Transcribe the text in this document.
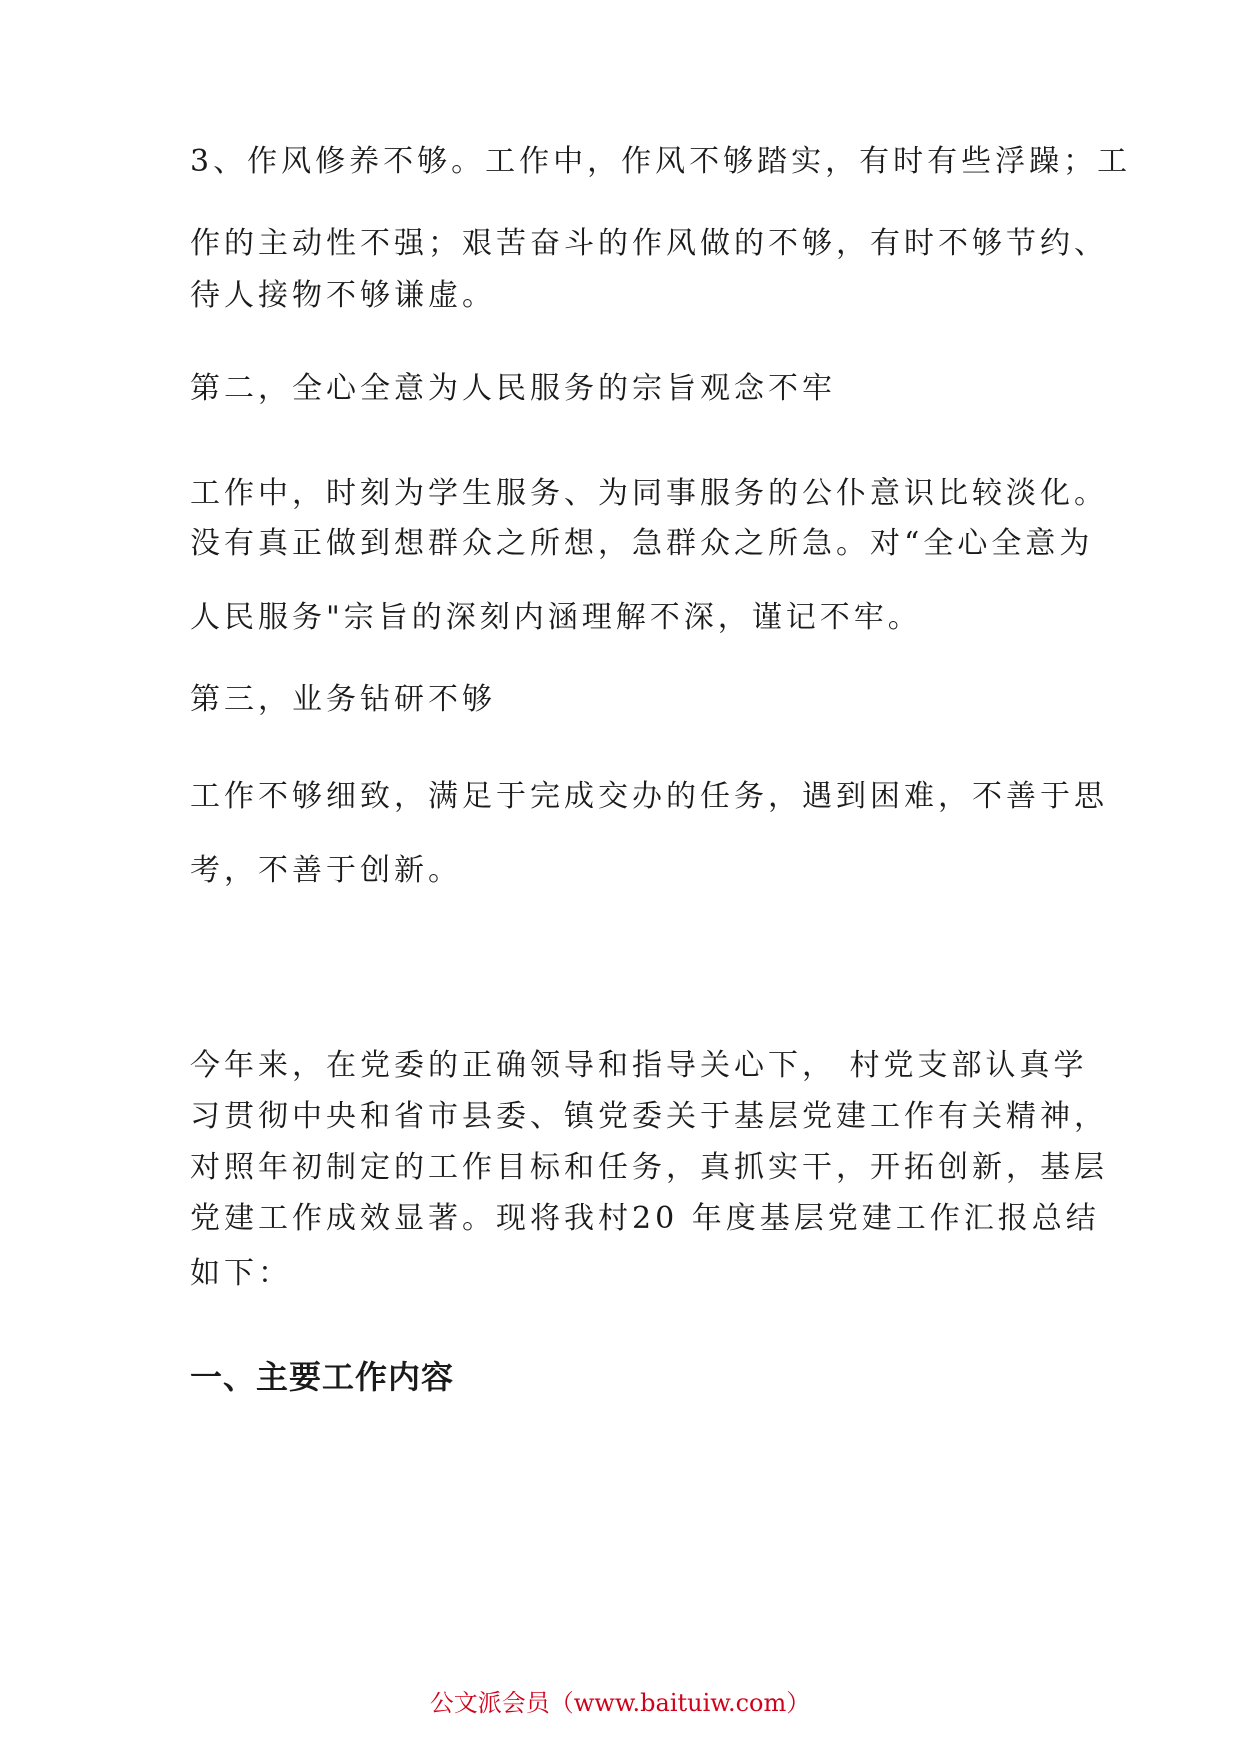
3、作风修养不够。工作中，作风不够踏实，有时有些浮躁；工

作的主动性不强；艰苦奋斗的作风做的不够，有时不够节约、

待人接物不够谦虚。

第二，全心全意为人民服务的宗旨观念不牢

工作中，时刻为学生服务、为同事服务的公仆意识比较淡化。

没有真正做到想群众之所想，急群众之所急。对“全心全意为

人民服务"宗旨的深刻内涵理解不深，谨记不牢。

第三，业务钻研不够

工作不够细致，满足于完成交办的任务，遇到困难，不善于思

考，不善于创新。

今年来，在党委的正确领导和指导关心下， 村党支部认真学

习贯彻中央和省市县委、镇党委关于基层党建工作有关精神，

对照年初制定的工作目标和任务，真抓实干，开拓创新，基层

党建工作成效显著。现将我村20 年度基层党建工作汇报总结

如下：

一、主要工作内容
公文派会员（www.baituiw.com）
